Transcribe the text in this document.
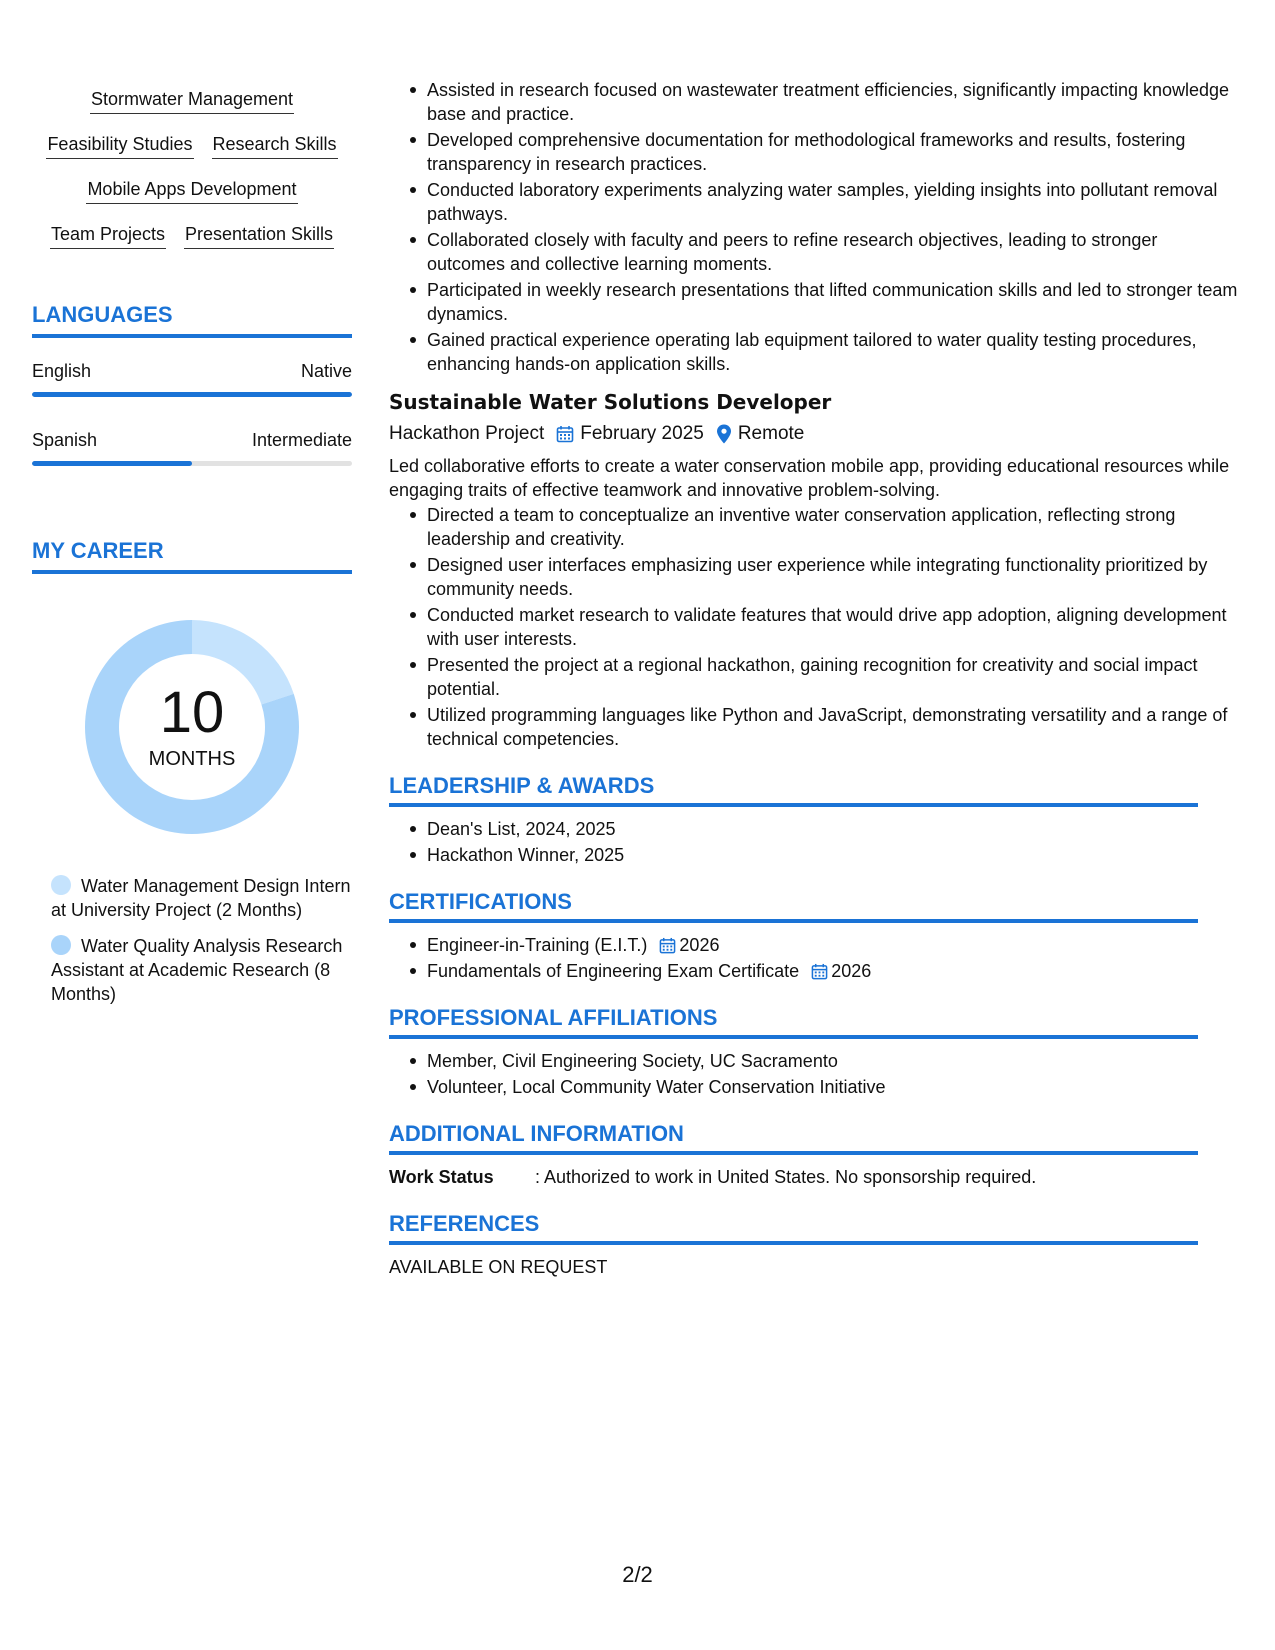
Stormwater Management
Feasibility Studies Research Skills
Mobile Apps Development
Team Projects Presentation Skills
LANGUAGES
English	Native
Spanish	Intermediate
MY CAREER
10
MONTHS
Water Management Design Intern at University Project (2 Months)
Water Quality Analysis Research Assistant at Academic Research (8 Months)
Assisted in research focused on wastewater treatment efficiencies, significantly impacting knowledge base and practice.
Developed comprehensive documentation for methodological frameworks and results, fostering transparency in research practices.
Conducted laboratory experiments analyzing water samples, yielding insights into pollutant removal pathways.
Collaborated closely with faculty and peers to refine research objectives, leading to stronger outcomes and collective learning moments.
Participated in weekly research presentations that lifted communication skills and led to stronger team dynamics.
Gained practical experience operating lab equipment tailored to water quality testing procedures, enhancing hands-on application skills.
Sustainable Water Solutions Developer
Hackathon Project February 2025 Remote
Led collaborative efforts to create a water conservation mobile app, providing educational resources while engaging traits of effective teamwork and innovative problem-solving.
Directed a team to conceptualize an inventive water conservation application, reflecting strong leadership and creativity.
Designed user interfaces emphasizing user experience while integrating functionality prioritized by community needs.
Conducted market research to validate features that would drive app adoption, aligning development with user interests.
Presented the project at a regional hackathon, gaining recognition for creativity and social impact potential.
Utilized programming languages like Python and JavaScript, demonstrating versatility and a range of technical competencies.
LEADERSHIP & AWARDS
Dean's List, 2024, 2025
Hackathon Winner, 2025
CERTIFICATIONS
Engineer-in-Training (E.I.T.) 2026
Fundamentals of Engineering Exam Certificate 2026
PROFESSIONAL AFFILIATIONS
Member, Civil Engineering Society, UC Sacramento
Volunteer, Local Community Water Conservation Initiative
ADDITIONAL INFORMATION
Work Status	: Authorized to work in United States. No sponsorship required.
REFERENCES
AVAILABLE ON REQUEST
2/2
